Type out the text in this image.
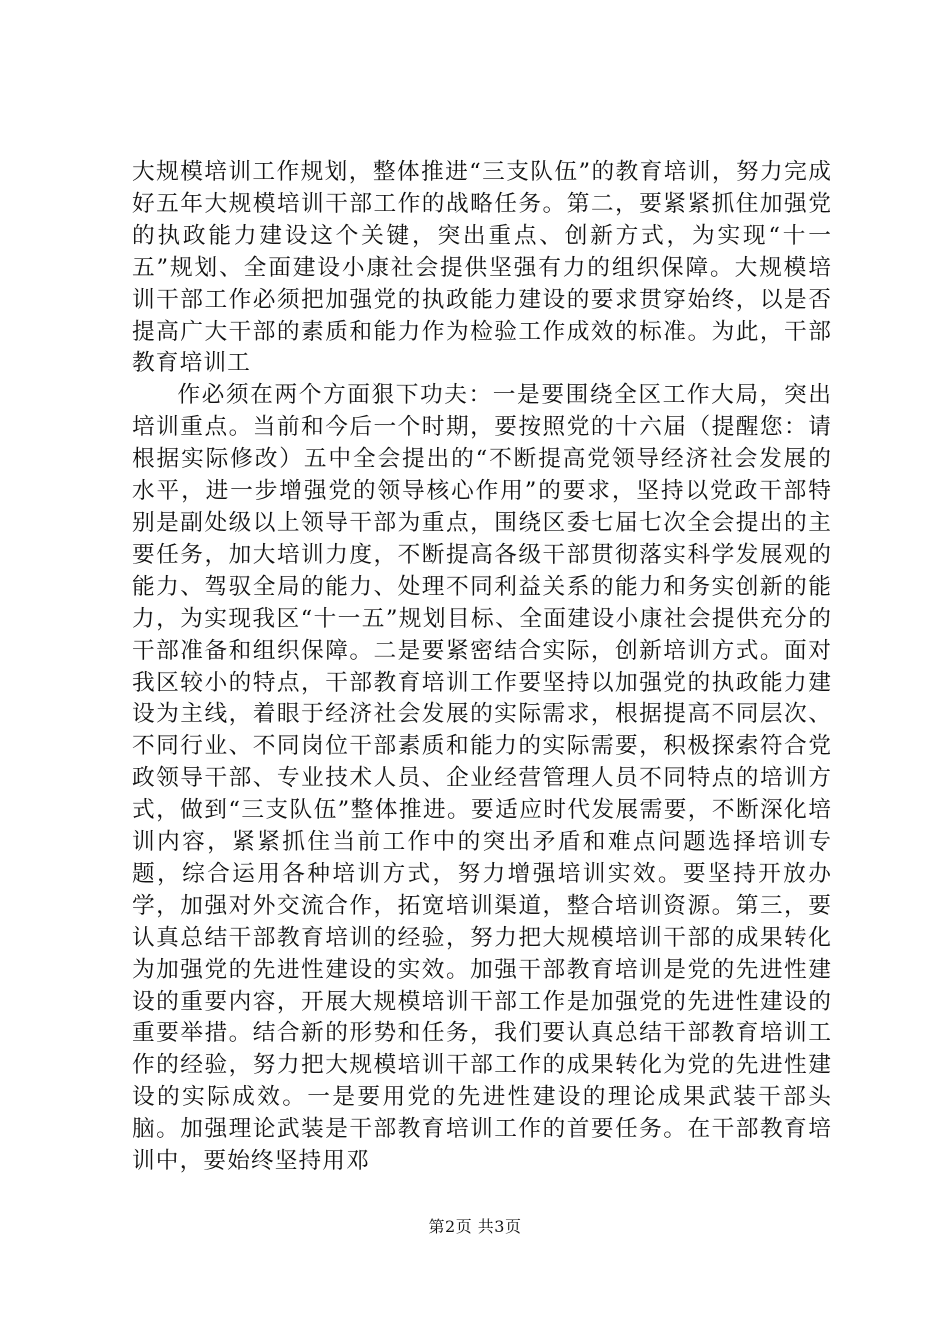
大规模培训工作规划，整体推进“三支队伍”的教育培训，努力完成好五年大规模培训干部工作的战略任务。第二，要紧紧抓住加强党的执政能力建设这个关键，突出重点、创新方式，为实现“十一五”规划、全面建设小康社会提供坚强有力的组织保障。大规模培训干部工作必须把加强党的执政能力建设的要求贯穿始终，以是否提高广大干部的素质和能力作为检验工作成效的标准。为此，干部教育培训工

作必须在两个方面狠下功夫：一是要围绕全区工作大局，突出培训重点。当前和今后一个时期，要按照党的十六届（提醒您：请根据实际修改）五中全会提出的“不断提高党领导经济社会发展的水平，进一步增强党的领导核心作用”的要求，坚持以党政干部特别是副处级以上领导干部为重点，围绕区委七届七次全会提出的主要任务，加大培训力度，不断提高各级干部贯彻落实科学发展观的能力、驾驭全局的能力、处理不同利益关系的能力和务实创新的能力，为实现我区“十一五”规划目标、全面建设小康社会提供充分的干部准备和组织保障。二是要紧密结合实际，创新培训方式。面对我区较小的特点，干部教育培训工作要坚持以加强党的执政能力建设为主线，着眼于经济社会发展的实际需求，根据提高不同层次、不同行业、不同岗位干部素质和能力的实际需要，积极探索符合党政领导干部、专业技术人员、企业经营管理人员不同特点的培训方式，做到“三支队伍”整体推进。要适应时代发展需要，不断深化培训内容，紧紧抓住当前工作中的突出矛盾和难点问题选择培训专题，综合运用各种培训方式，努力增强培训实效。要坚持开放办学，加强对外交流合作，拓宽培训渠道，整合培训资源。第三，要认真总结干部教育培训的经验，努力把大规模培训干部的成果转化为加强党的先进性建设的实效。加强干部教育培训是党的先进性建设的重要内容，开展大规模培训干部工作是加强党的先进性建设的重要举措。结合新的形势和任务，我们要认真总结干部教育培训工作的经验，努力把大规模培训干部工作的成果转化为党的先进性建设的实际成效。一是要用党的先进性建设的理论成果武装干部头脑。加强理论武装是干部教育培训工作的首要任务。在干部教育培训中，要始终坚持用邓

第2页 共3页
